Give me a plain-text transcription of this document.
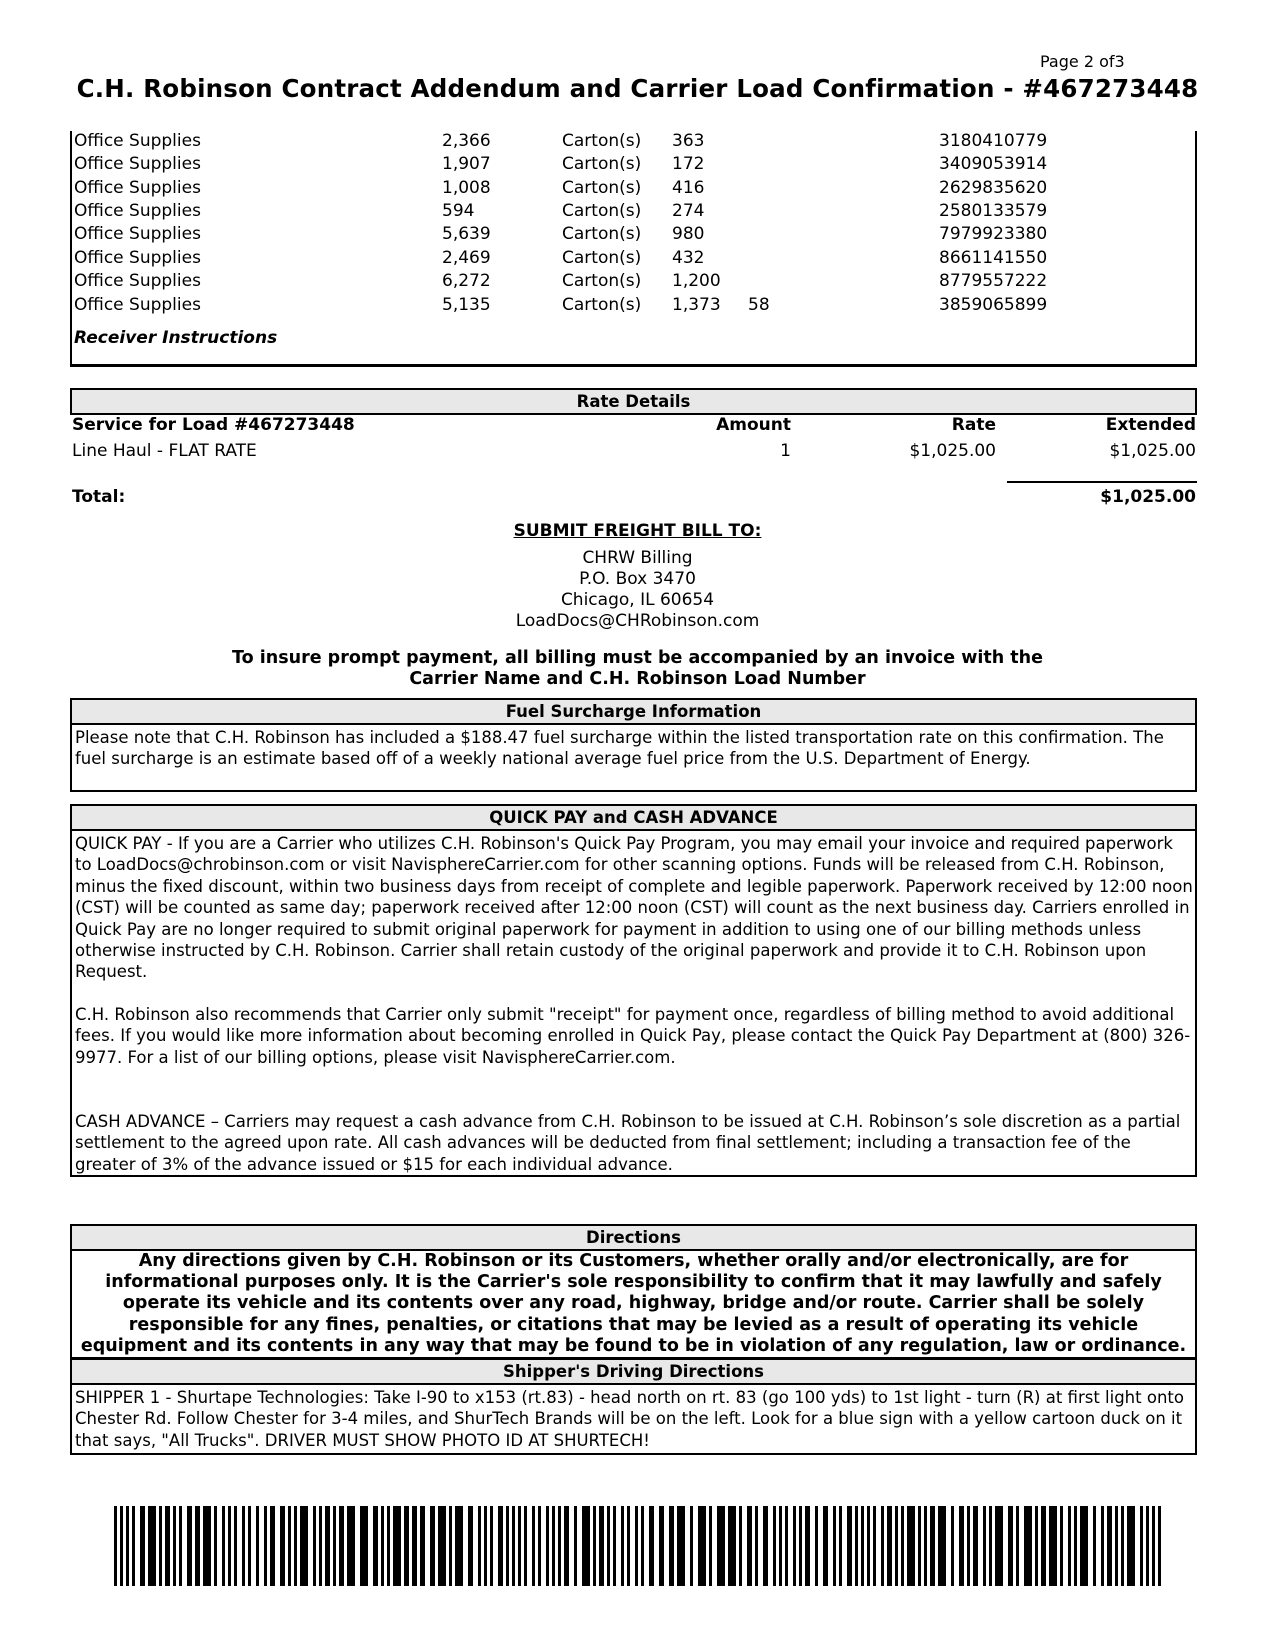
Page 2 of3
C.H. Robinson Contract Addendum and Carrier Load Confirmation - #467273448
Office Supplies	2,366	Carton(s) 363	3180410779
Office Supplies	1,907	Carton(s) 172	3409053914
Office Supplies	1,008	Carton(s) 416	2629835620
Office Supplies	594	Carton(s) 274	2580133579
Office Supplies	5,639	Carton(s) 980	7979923380
Office Supplies	2,469	Carton(s) 432	8661141550
Office Supplies	6,272	Carton(s) 1,200	8779557222
Office Supplies	5,135	Carton(s) 1,373 58	3859065899
Receiver Instructions
Rate Details
Service for Load #467273448	Amount	Rate	Extended
Line Haul - FLAT RATE	1	$1,025.00	$1,025.00
Total:	$1,025.00
SUBMIT FREIGHT BILL TO:
CHRW Billing
P.O. Box 3470
Chicago, IL 60654
LoadDocs@CHRobinson.com
To insure prompt payment, all billing must be accompanied by an invoice with the
Carrier Name and C.H. Robinson Load Number
Fuel Surcharge Information
Please note that C.H. Robinson has included a $188.47 fuel surcharge within the listed transportation rate on this confirmation. The fuel surcharge is an estimate based off of a weekly national average fuel price from the U.S. Department of Energy.
QUICK PAY and CASH ADVANCE

QUICK PAY - If you are a Carrier who utilizes C.H. Robinson's Quick Pay Program, you may email your invoice and required paperwork to LoadDocs@chrobinson.com or visit NavisphereCarrier.com for other scanning options. Funds will be released from C.H. Robinson, minus the fixed discount, within two business days from receipt of complete and legible paperwork. Paperwork received by 12:00 noon (CST) will be counted as same day; paperwork received after 12:00 noon (CST) will count as the next business day. Carriers enrolled in Quick Pay are no longer required to submit original paperwork for payment in addition to using one of our billing methods unless otherwise instructed by C.H. Robinson. Carrier shall retain custody of the original paperwork and provide it to C.H. Robinson upon Request.

C.H. Robinson also recommends that Carrier only submit "receipt" for payment once, regardless of billing method to avoid additional fees. If you would like more information about becoming enrolled in Quick Pay, please contact the Quick Pay Department at (800) 326-9977. For a list of our billing options, please visit NavisphereCarrier.com.

CASH ADVANCE – Carriers may request a cash advance from C.H. Robinson to be issued at C.H. Robinson’s sole discretion as a partial settlement to the agreed upon rate. All cash advances will be deducted from final settlement; including a transaction fee of the greater of 3% of the advance issued or $15 for each individual advance.

Directions
Any directions given by C.H. Robinson or its Customers, whether orally and/or electronically, are for informational purposes only. It is the Carrier's sole responsibility to confirm that it may lawfully and safely operate its vehicle and its contents over any road, highway, bridge and/or route. Carrier shall be solely responsible for any fines, penalties, or citations that may be levied as a result of operating its vehicle equipment and its contents in any way that may be found to be in violation of any regulation, law or ordinance.
Shipper's Driving Directions
SHIPPER 1 - Shurtape Technologies: Take I-90 to x153 (rt.83) - head north on rt. 83 (go 100 yds) to 1st light - turn (R) at first light onto Chester Rd. Follow Chester for 3-4 miles, and ShurTech Brands will be on the left. Look for a blue sign with a yellow cartoon duck on it that says, "All Trucks". DRIVER MUST SHOW PHOTO ID AT SHURTECH!
